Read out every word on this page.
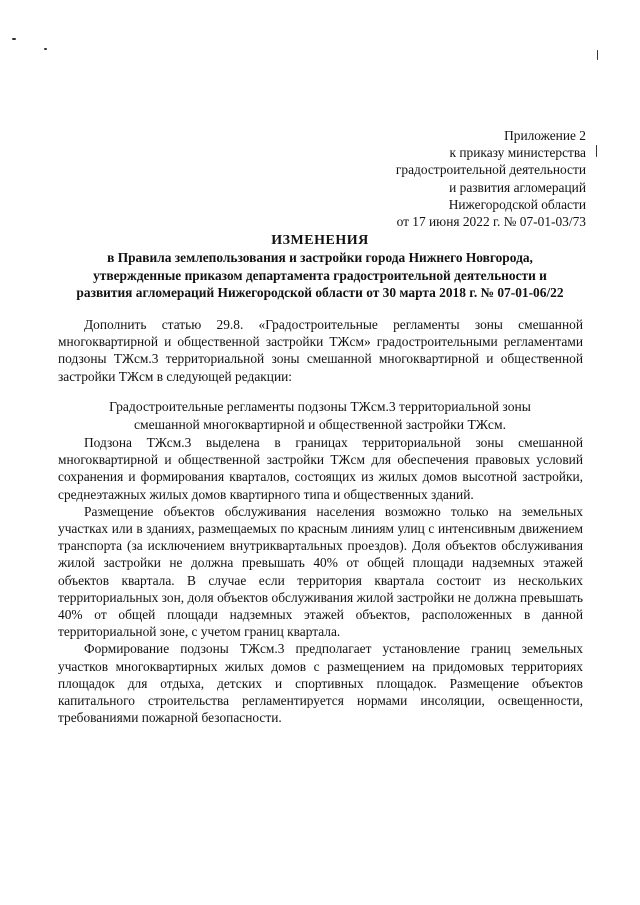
Приложение 2
к приказу министерства
градостроительной деятельности
и развития агломераций
Нижегородской области
от 17 июня 2022 г. № 07-01-03/73
ИЗМЕНЕНИЯ
в Правила землепользования и застройки города Нижнего Новгорода,
утвержденные приказом департамента градостроительной деятельности и
развития агломераций Нижегородской области от 30 марта 2018 г. № 07-01-06/22

Дополнить статью 29.8. «Градостроительные регламенты зоны смешанной многоквартирной и общественной застройки ТЖсм» градостроительными регламентами подзоны ТЖсм.3 территориальной зоны смешанной многоквартирной и общественной застройки ТЖсм в следующей редакции:

Градостроительные регламенты подзоны ТЖсм.3 территориальной зоны
смешанной многоквартирной и общественной застройки ТЖсм.

Подзона ТЖсм.3 выделена в границах территориальной зоны смешанной многоквартирной и общественной застройки ТЖсм для обеспечения правовых условий сохранения и формирования кварталов, состоящих из жилых домов высотной застройки, среднеэтажных жилых домов квартирного типа и общественных зданий.

Размещение объектов обслуживания населения возможно только на земельных участках или в зданиях, размещаемых по красным линиям улиц с интенсивным движением транспорта (за исключением внутриквартальных проездов). Доля объектов обслуживания жилой застройки не должна превышать 40% от общей площади надземных этажей объектов квартала. В случае если территория квартала состоит из нескольких территориальных зон, доля объектов обслуживания жилой застройки не должна превышать 40% от общей площади надземных этажей объектов, расположенных в данной территориальной зоне, с учетом границ квартала.

Формирование подзоны ТЖсм.3 предполагает установление границ земельных участков многоквартирных жилых домов с размещением на придомовых территориях площадок для отдыха, детских и спортивных площадок. Размещение объектов капитального строительства регламентируется нормами инсоляции, освещенности, требованиями пожарной безопасности.
